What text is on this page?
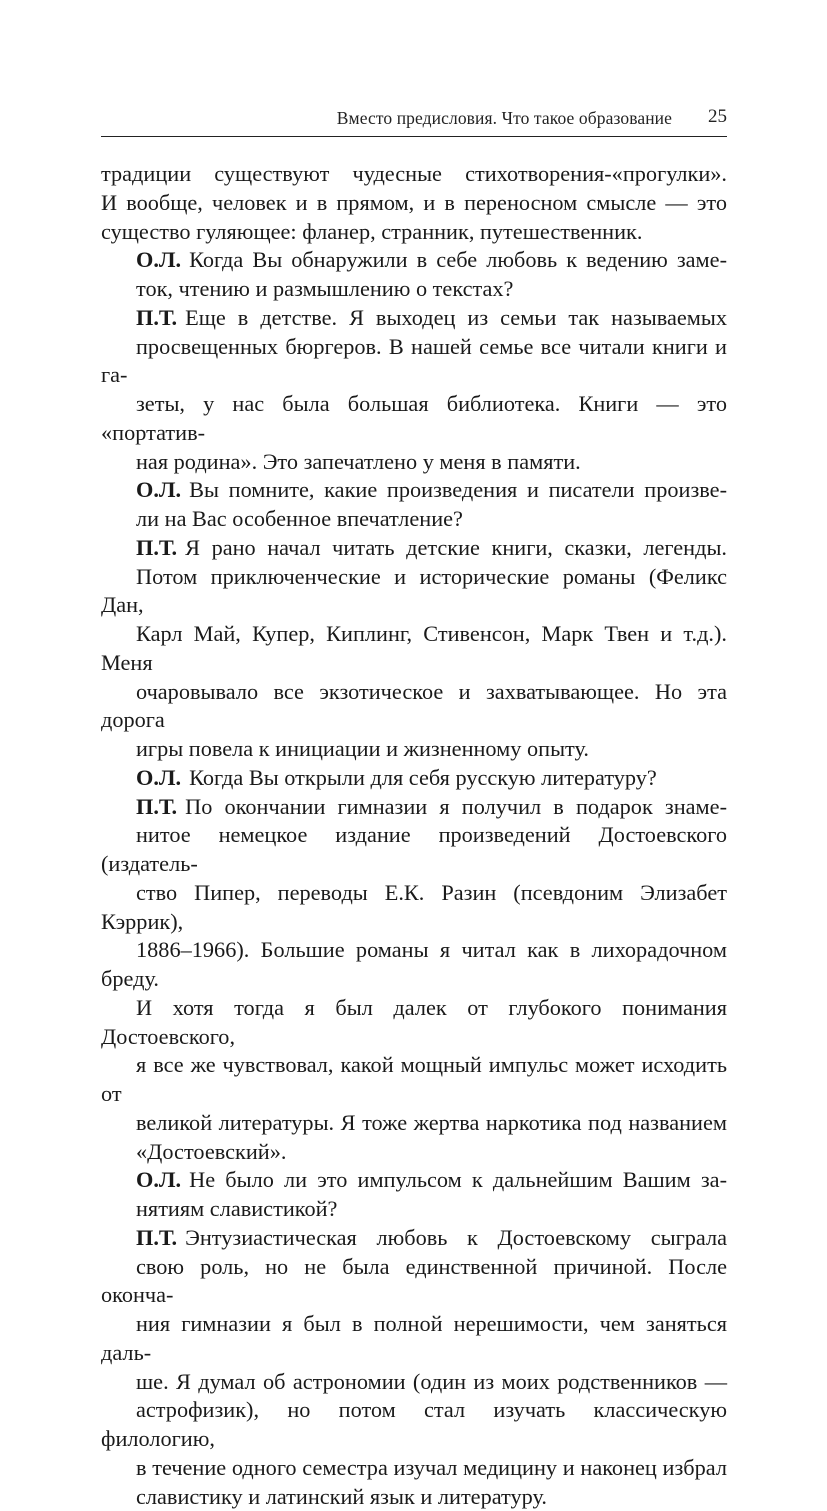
Вместо предисловия. Что такое образование 25
традиции существуют чудесные стихотворения-«прогулки».
И вообще, человек и в прямом, и в переносном смысле — это
существо гуляющее: фланер, странник, путешественник.
О.Л. Когда Вы обнаружили в себе любовь к ведению заме-
ток, чтению и размышлению о текстах?
П.Т. Еще в детстве. Я выходец из семьи так называемых
просвещенных бюргеров. В нашей семье все читали книги и га-
зеты, у нас была большая библиотека. Книги — это «портатив-
ная родина». Это запечатлено у меня в памяти.
О.Л. Вы помните, какие произведения и писатели произве-
ли на Вас особенное впечатление?
П.Т. Я рано начал читать детские книги, сказки, легенды.
Потом приключенческие и исторические романы (Феликс Дан,
Карл Май, Купер, Киплинг, Стивенсон, Марк Твен и т.д.). Меня
очаровывало все экзотическое и захватывающее. Но эта дорога
игры повела к инициации и жизненному опыту.
О.Л. Когда Вы открыли для себя русскую литературу?
П.Т. По окончании гимназии я получил в подарок знаме-
нитое немецкое издание произведений Достоевского (издатель-
ство Пипер, переводы Е.К. Разин (псевдоним Элизабет Кэррик),
1886–1966). Большие романы я читал как в лихорадочном бреду.
И хотя тогда я был далек от глубокого понимания Достоевского,
я все же чувствовал, какой мощный импульс может исходить от
великой литературы. Я тоже жертва наркотика под названием
«Достоевский».
О.Л. Не было ли это импульсом к дальнейшим Вашим за-
нятиям славистикой?
П.Т. Энтузиастическая любовь к Достоевскому сыграла
свою роль, но не была единственной причиной. После оконча-
ния гимназии я был в полной нерешимости, чем заняться даль-
ше. Я думал об астрономии (один из моих родственников —
астрофизик), но потом стал изучать классическую филологию,
в течение одного семестра изучал медицину и наконец избрал
славистику и латинский язык и литературу.
